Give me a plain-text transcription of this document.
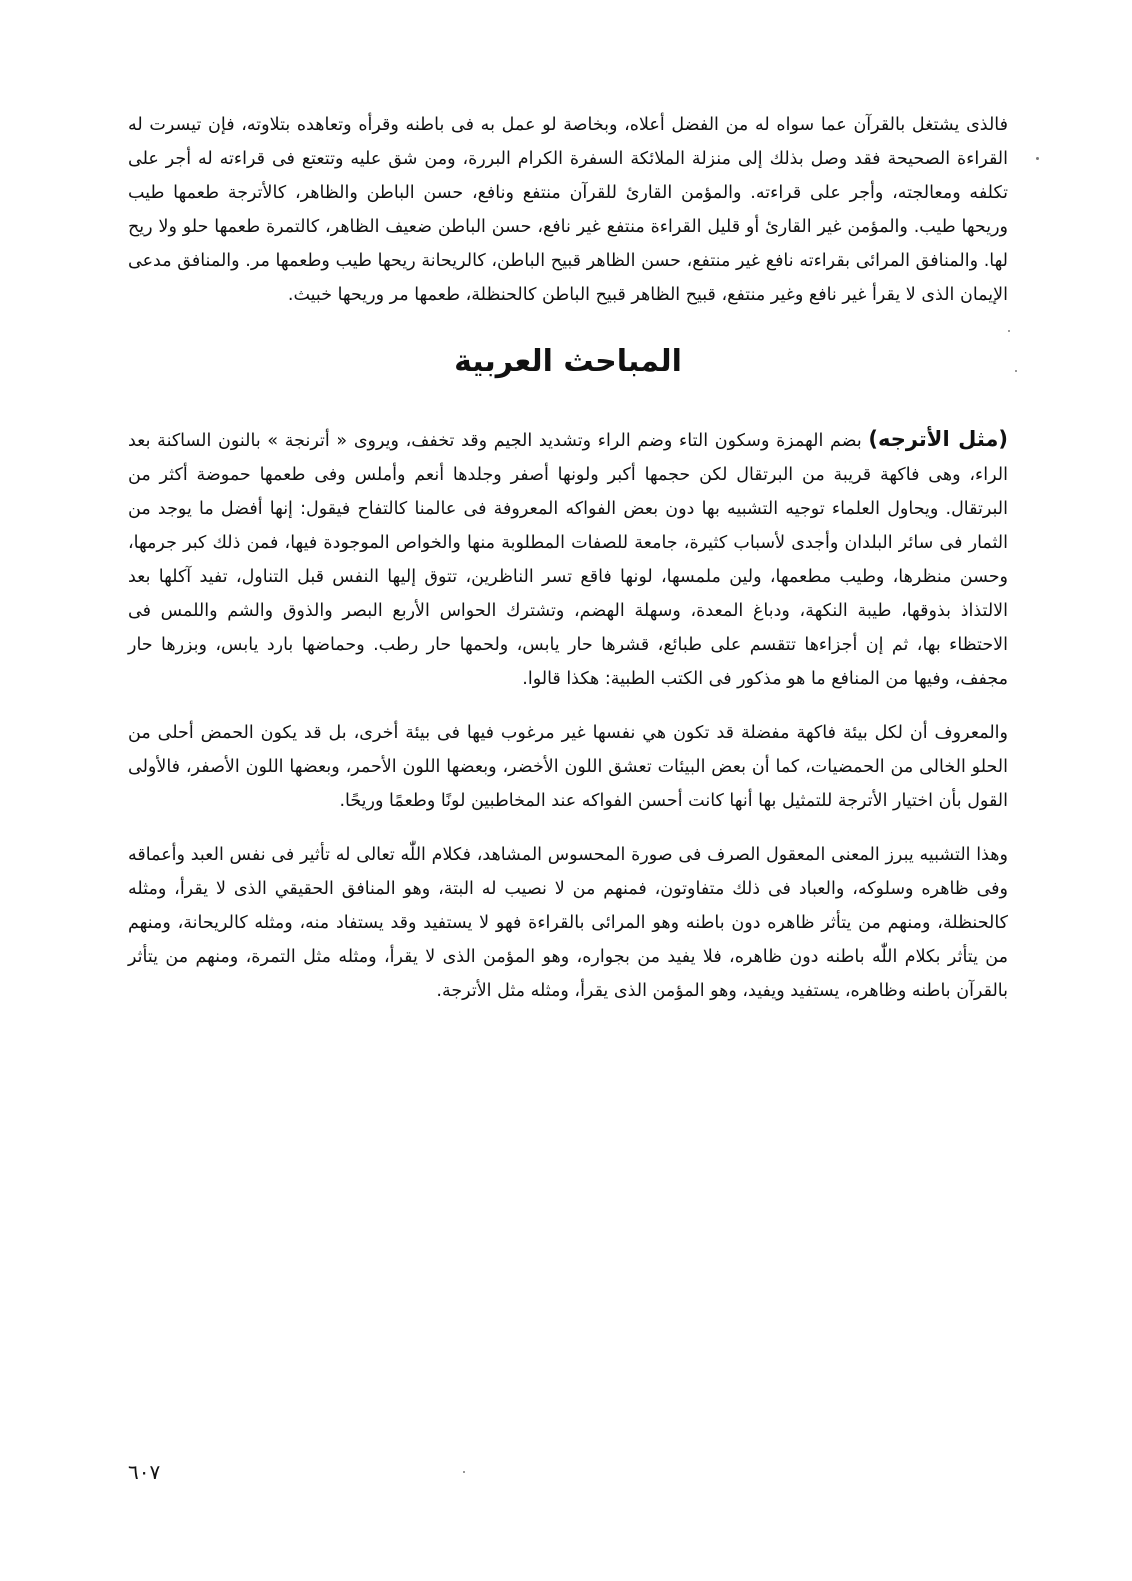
فالذى يشتغل بالقرآن عما سواه له من الفضل أعلاه، وبخاصة لو عمل به فى باطنه وقرأه وتعاهده بتلاوته، فإن تيسرت له القراءة الصحيحة فقد وصل بذلك إلى منزلة الملائكة السفرة الكرام البررة، ومن شق عليه وتتعتع فى قراءته له أجر على تكلفه ومعالجته، وأجر على قراءته. والمؤمن القارئ للقرآن منتفع ونافع، حسن الباطن والظاهر، كالأترجة طعمها طيب وريحها طيب. والمؤمن غير القارئ أو قليل القراءة منتفع غير نافع، حسن الباطن ضعيف الظاهر، كالتمرة طعمها حلو ولا ريح لها. والمنافق المرائى بقراءته نافع غير منتفع، حسن الظاهر قبيح الباطن، كالريحانة ريحها طيب وطعمها مر. والمنافق مدعى الإيمان الذى لا يقرأ غير نافع وغير منتفع، قبيح الظاهر قبيح الباطن كالحنظلة، طعمها مر وريحها خبيث.

المباحث العربية

(مثل الأترجه) بضم الهمزة وسكون التاء وضم الراء وتشديد الجيم وقد تخفف، ويروى « أترنجة » بالنون الساكنة بعد الراء، وهى فاكهة قريبة من البرتقال لكن حجمها أكبر ولونها أصفر وجلدها أنعم وأملس وفى طعمها حموضة أكثر من البرتقال. ويحاول العلماء توجيه التشبيه بها دون بعض الفواكه المعروفة فى عالمنا كالتفاح فيقول: إنها أفضل ما يوجد من الثمار فى سائر البلدان وأجدى لأسباب كثيرة، جامعة للصفات المطلوبة منها والخواص الموجودة فيها، فمن ذلك كبر جرمها، وحسن منظرها، وطيب مطعمها، ولين ملمسها، لونها فاقع تسر الناظرين، تتوق إليها النفس قبل التناول، تفيد آكلها بعد الالتذاذ بذوقها، طيبة النكهة، ودباغ المعدة، وسهلة الهضم، وتشترك الحواس الأربع البصر والذوق والشم واللمس فى الاحتظاء بها، ثم إن أجزاءها تتقسم على طبائع، قشرها حار يابس، ولحمها حار رطب. وحماضها بارد يابس، وبزرها حار مجفف، وفيها من المنافع ما هو مذكور فى الكتب الطبية: هكذا قالوا.

والمعروف أن لكل بيئة فاكهة مفضلة قد تكون هي نفسها غير مرغوب فيها فى بيئة أخرى، بل قد يكون الحمض أحلى من الحلو الخالى من الحمضيات، كما أن بعض البيئات تعشق اللون الأخضر، وبعضها اللون الأحمر، وبعضها اللون الأصفر، فالأولى القول بأن اختيار الأترجة للتمثيل بها أنها كانت أحسن الفواكه عند المخاطبين لونًا وطعمًا وريحًا.

وهذا التشبيه يبرز المعنى المعقول الصرف فى صورة المحسوس المشاهد، فكلام اللّٰه تعالى له تأثير فى نفس العبد وأعماقه وفى ظاهره وسلوكه، والعباد فى ذلك متفاوتون، فمنهم من لا نصيب له البتة، وهو المنافق الحقيقي الذى لا يقرأ، ومثله كالحنظلة، ومنهم من يتأثر ظاهره دون باطنه وهو المرائى بالقراءة فهو لا يستفيد وقد يستفاد منه، ومثله كالريحانة، ومنهم من يتأثر بكلام اللّٰه باطنه دون ظاهره، فلا يفيد من بجواره، وهو المؤمن الذى لا يقرأ، ومثله مثل التمرة، ومنهم من يتأثر بالقرآن باطنه وظاهره، يستفيد ويفيد، وهو المؤمن الذى يقرأ، ومثله مثل الأترجة.

٦٠٧
